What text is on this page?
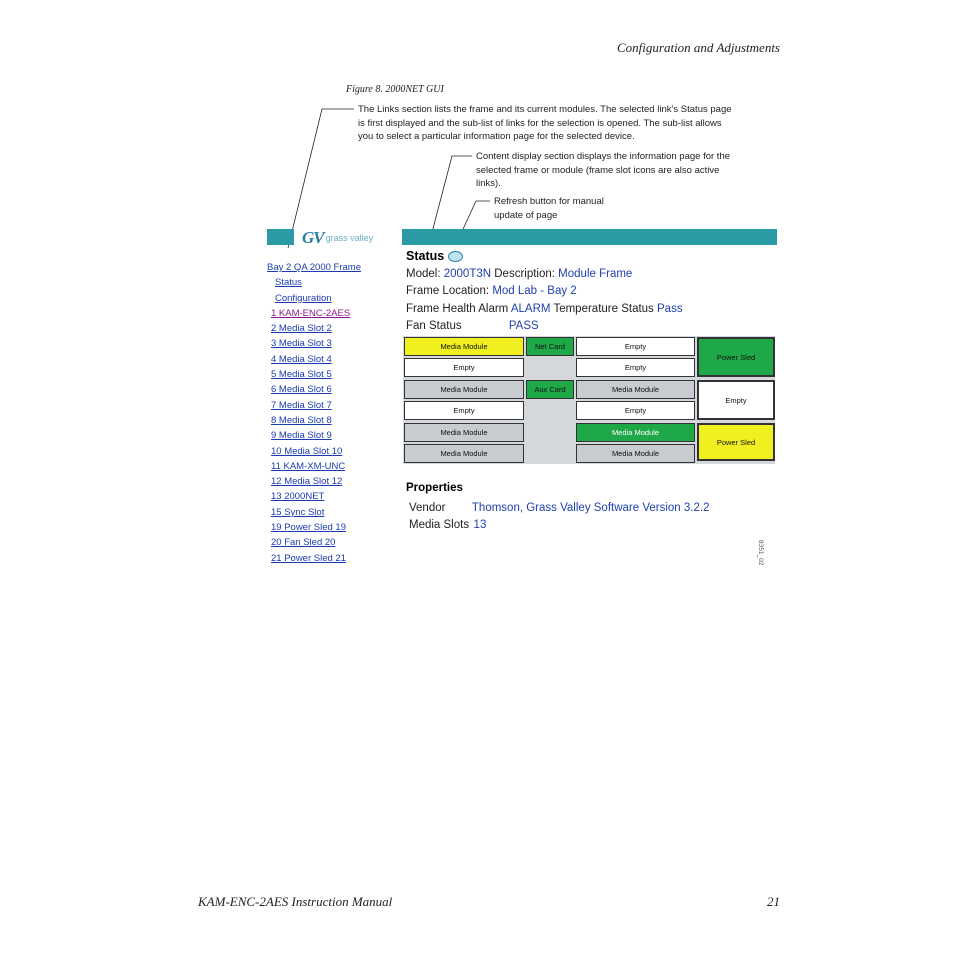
Configuration and Adjustments
Figure 8. 2000NET GUI
The Links section lists the frame and its current modules. The selected link’s Status page is first displayed and the sub-list of links for the selection is opened. The sub-list allows you to select a particular information page for the selected device.
Content display section displays the information page for the selected frame or module (frame slot icons are also active links).
Refresh button for manual update of page
GV grass valley
Bay 2 QA 2000 Frame
Status
Configuration
1 KAM-ENC-2AES
2 Media Slot 2
3 Media Slot 3
4 Media Slot 4
5 Media Slot 5
6 Media Slot 6
7 Media Slot 7
8 Media Slot 8
9 Media Slot 9
10 Media Slot 10
11 KAM-XM-UNC
12 Media Slot 12
13 2000NET
15 Sync Slot
19 Power Sled 19
20 Fan Sled 20
21 Power Sled 21
Status
Model: 2000T3N Description: Module Frame
Frame Location: Mod Lab - Bay 2
Frame Health Alarm ALARM Temperature Status Pass
Fan Status	PASS
Media Module
Empty
Media Module
Empty
Media Module
Media Module
Net Card
Aux Card
Empty
Empty
Media Module
Empty
Media Module
Media Module
Power Sled
Empty
Power Sled
Properties
Vendor Thomson, Grass Valley Software Version 3.2.2
Media Slots 13
8351_02
KAM-ENC-2AES Instruction Manual	21
